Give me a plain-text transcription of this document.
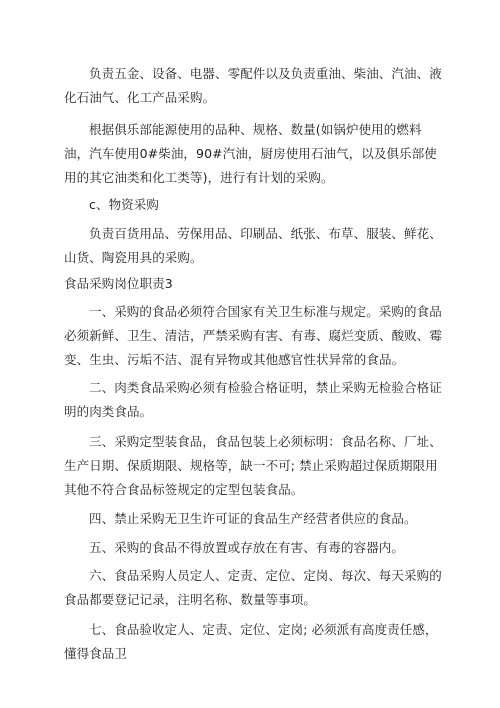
负责五金、设备、电器、零配件以及负责重油、柴油、汽油、液化石油气、化工产品采购。

根据俱乐部能源使用的品种、规格、数量(如锅炉使用的燃料油，汽车使用0#柴油，90#汽油，厨房使用石油气，以及俱乐部使用的其它油类和化工类等)，进行有计划的采购。

c、物资采购

负责百货用品、劳保用品、印刷品、纸张、布草、服装、鲜花、山货、陶瓷用具的采购。

食品采购岗位职责3

一、采购的食品必须符合国家有关卫生标准与规定。采购的食品必须新鲜、卫生、清洁，严禁采购有害、有毒、腐烂变质、酸败、霉变、生虫、污垢不洁、混有异物或其他感官性状异常的食品。

二、肉类食品采购必须有检验合格证明，禁止采购无检验合格证明的肉类食品。

三、采购定型装食品，食品包装上必须标明：食品名称、厂址、生产日期、保质期限、规格等，缺一不可; 禁止采购超过保质期限用其他不符合食品标签规定的定型包装食品。

四、禁止采购无卫生许可证的食品生产经营者供应的食品。

五、采购的食品不得放置或存放在有害、有毒的容器内。

六、食品采购人员定人、定责、定位、定岗、每次、每天采购的食品都要登记记录，注明名称、数量等事项。

七、食品验收定人、定责、定位、定岗; 必须派有高度责任感，懂得食品卫
